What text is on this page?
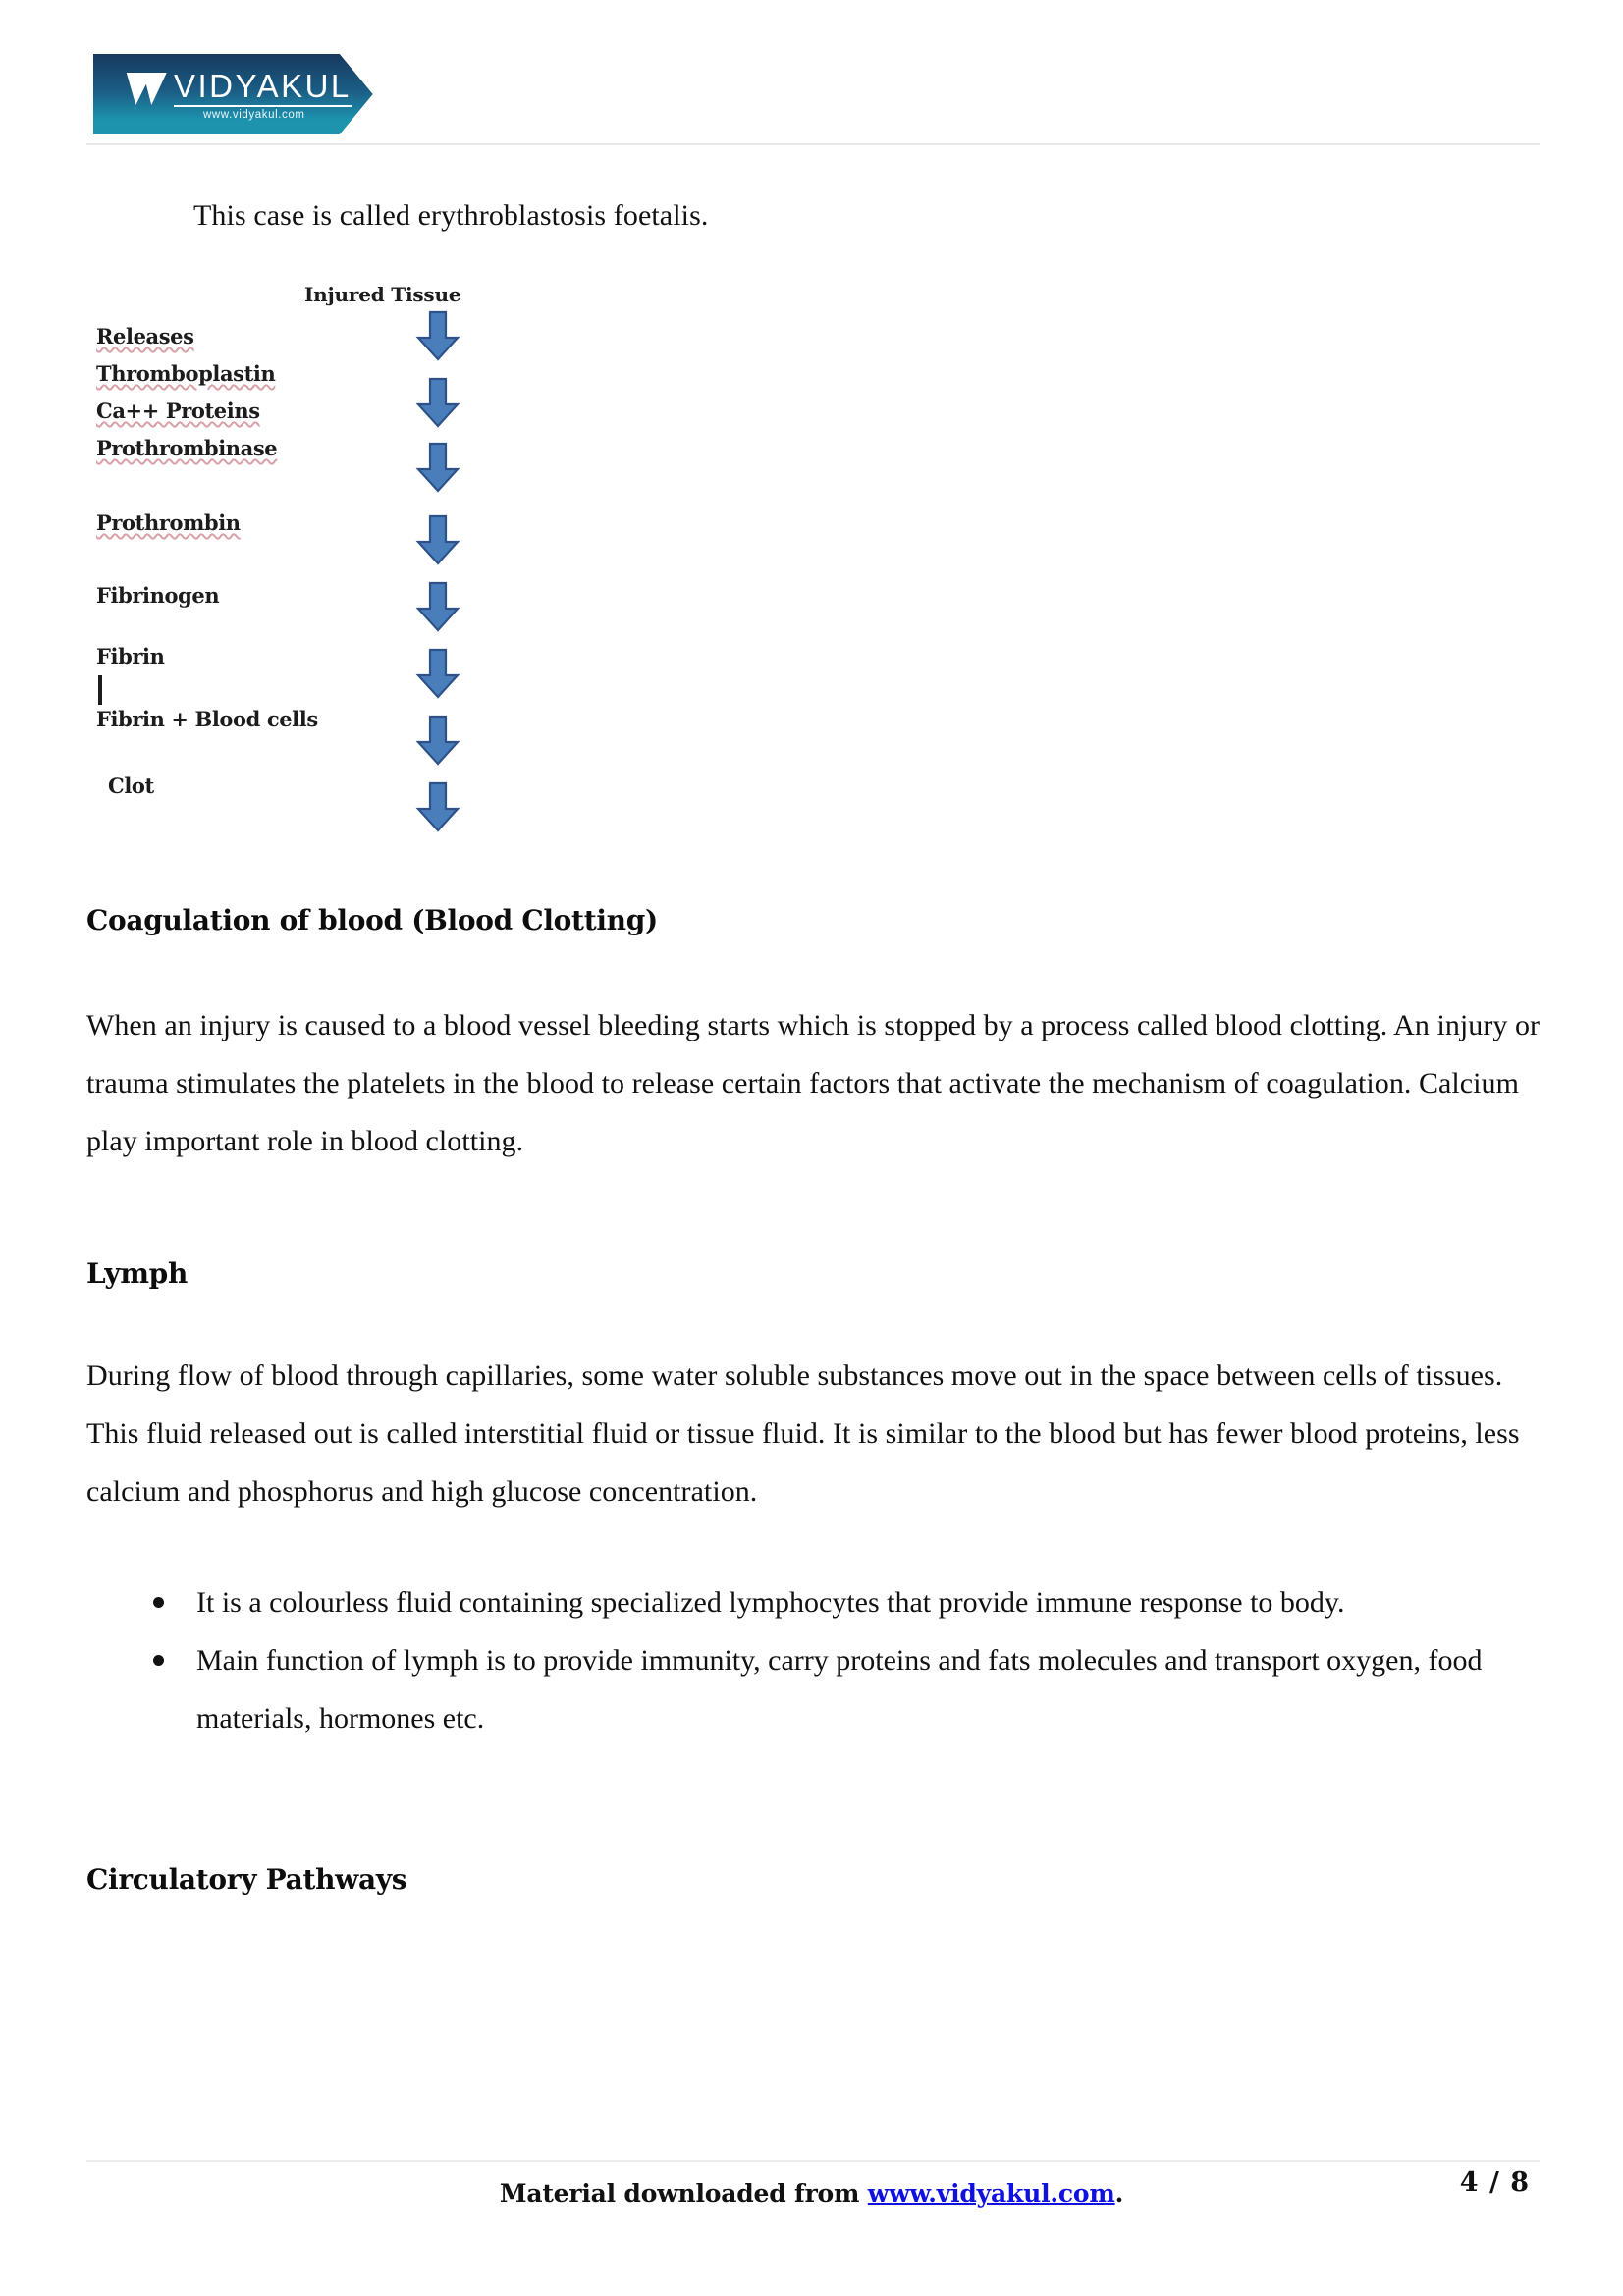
VIDYAKUL
www.vidyakul.com
This case is called erythroblastosis foetalis.
Injured Tissue
Releases
Thromboplastin
Ca++ Proteins
Prothrombinase
Prothrombin
Fibrinogen
Fibrin
Fibrin + Blood cells
Clot
Coagulation of blood (Blood Clotting)

When an injury is caused to a blood vessel bleeding starts which is stopped by a process called blood clotting. An injury or trauma stimulates the platelets in the blood to release certain factors that activate the mechanism of coagulation. Calcium play important role in blood clotting.

Lymph

During flow of blood through capillaries, some water soluble substances move out in the space between cells of tissues. This fluid released out is called interstitial fluid or tissue fluid. It is similar to the blood but has fewer blood proteins, less calcium and phosphorus and high glucose concentration.

It is a colourless fluid containing specialized lymphocytes that provide immune response to body.
Main function of lymph is to provide immunity, carry proteins and fats molecules and transport oxygen, food materials, hormones etc.
Circulatory Pathways
Material downloaded from www.vidyakul.com.	4 / 8
